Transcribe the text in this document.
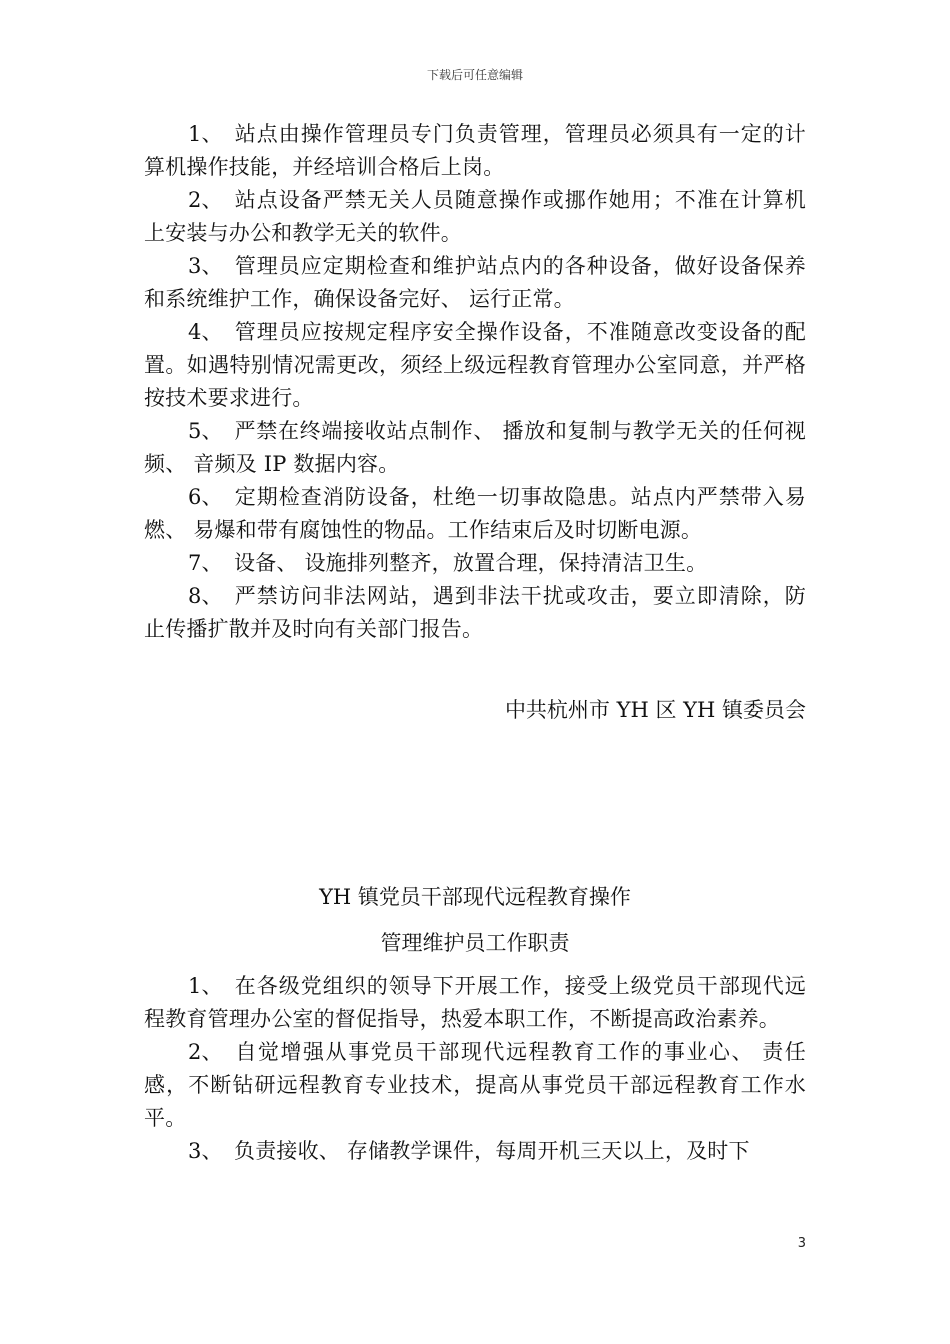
下载后可任意编辑

1、 站点由操作管理员专门负责管理，管理员必须具有一定的计算机操作技能，并经培训合格后上岗。

2、 站点设备严禁无关人员随意操作或挪作她用；不准在计算机上安装与办公和教学无关的软件。

3、 管理员应定期检查和维护站点内的各种设备，做好设备保养和系统维护工作，确保设备完好、 运行正常。

4、 管理员应按规定程序安全操作设备，不准随意改变设备的配置。如遇特别情况需更改，须经上级远程教育管理办公室同意，并严格按技术要求进行。

5、 严禁在终端接收站点制作、 播放和复制与教学无关的任何视频、 音频及 IP 数据内容。

6、 定期检查消防设备，杜绝一切事故隐患。站点内严禁带入易燃、 易爆和带有腐蚀性的物品。工作结束后及时切断电源。

7、 设备、 设施排列整齐，放置合理，保持清洁卫生。

8、 严禁访问非法网站，遇到非法干扰或攻击，要立即清除，防止传播扩散并及时向有关部门报告。

中共杭州市 YH 区 YH 镇委员会
YH 镇党员干部现代远程教育操作
管理维护员工作职责

1、 在各级党组织的领导下开展工作，接受上级党员干部现代远程教育管理办公室的督促指导，热爱本职工作，不断提高政治素养。

2、 自觉增强从事党员干部现代远程教育工作的事业心、 责任感，不断钻研远程教育专业技术，提高从事党员干部远程教育工作水平。

3、 负责接收、 存储教学课件，每周开机三天以上，及时下

3
